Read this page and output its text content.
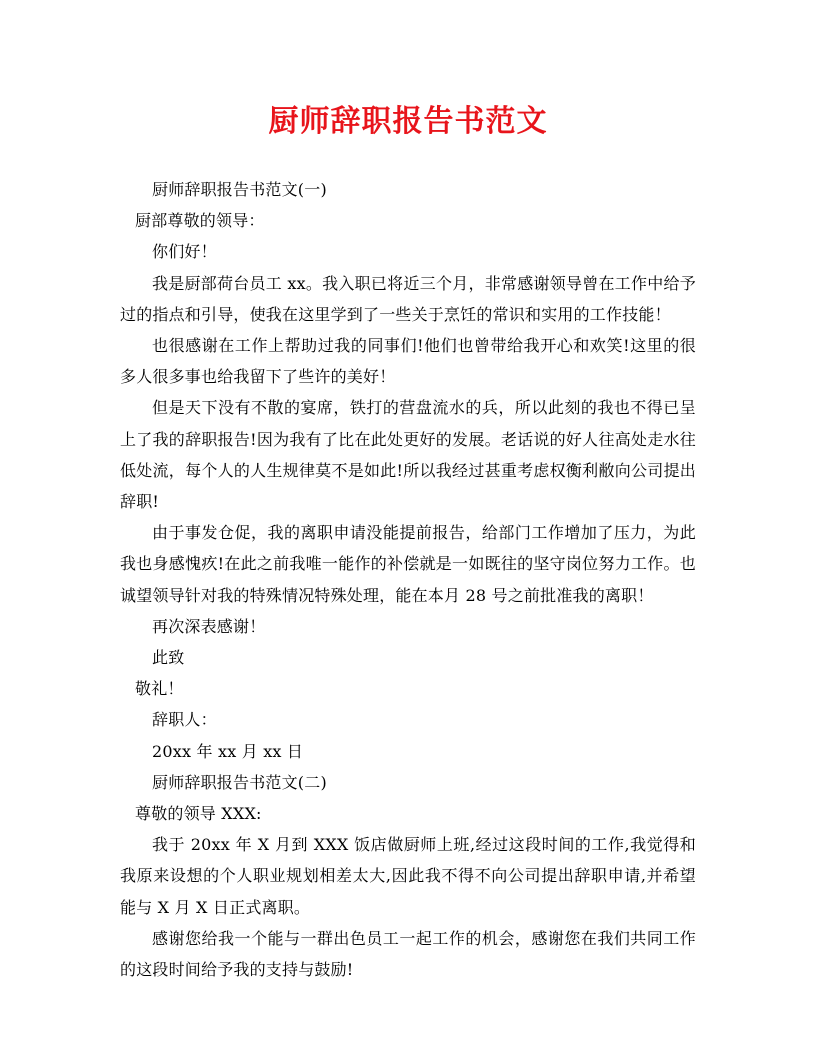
厨师辞职报告书范文

厨师辞职报告书范文(一)

厨部尊敬的领导：

你们好！

我是厨部荷台员工 xx。我入职已将近三个月，非常感谢领导曾在工作中给予过的指点和引导，使我在这里学到了一些关于烹饪的常识和实用的工作技能！

也很感谢在工作上帮助过我的同事们!他们也曾带给我开心和欢笑!这里的很多人很多事也给我留下了些许的美好！

但是天下没有不散的宴席，铁打的营盘流水的兵，所以此刻的我也不得已呈上了我的辞职报告!因为我有了比在此处更好的发展。老话说的好人往高处走水往低处流，每个人的人生规律莫不是如此!所以我经过甚重考虑权衡利敝向公司提出辞职!

由于事发仓促，我的离职申请没能提前报告，给部门工作增加了压力，为此我也身感愧疚!在此之前我唯一能作的补偿就是一如既往的坚守岗位努力工作。也诚望领导针对我的特殊情况特殊处理，能在本月 28 号之前批准我的离职！

再次深表感谢！

此致

敬礼！

辞职人：

20xx 年 xx 月 xx 日

厨师辞职报告书范文(二)

尊敬的领导 XXX:

我于 20xx 年 X 月到 XXX 饭店做厨师上班,经过这段时间的工作,我觉得和我原来设想的个人职业规划相差太大,因此我不得不向公司提出辞职申请,并希望能与 X 月 X 日正式离职。

感谢您给我一个能与一群出色员工一起工作的机会，感谢您在我们共同工作的这段时间给予我的支持与鼓励!
